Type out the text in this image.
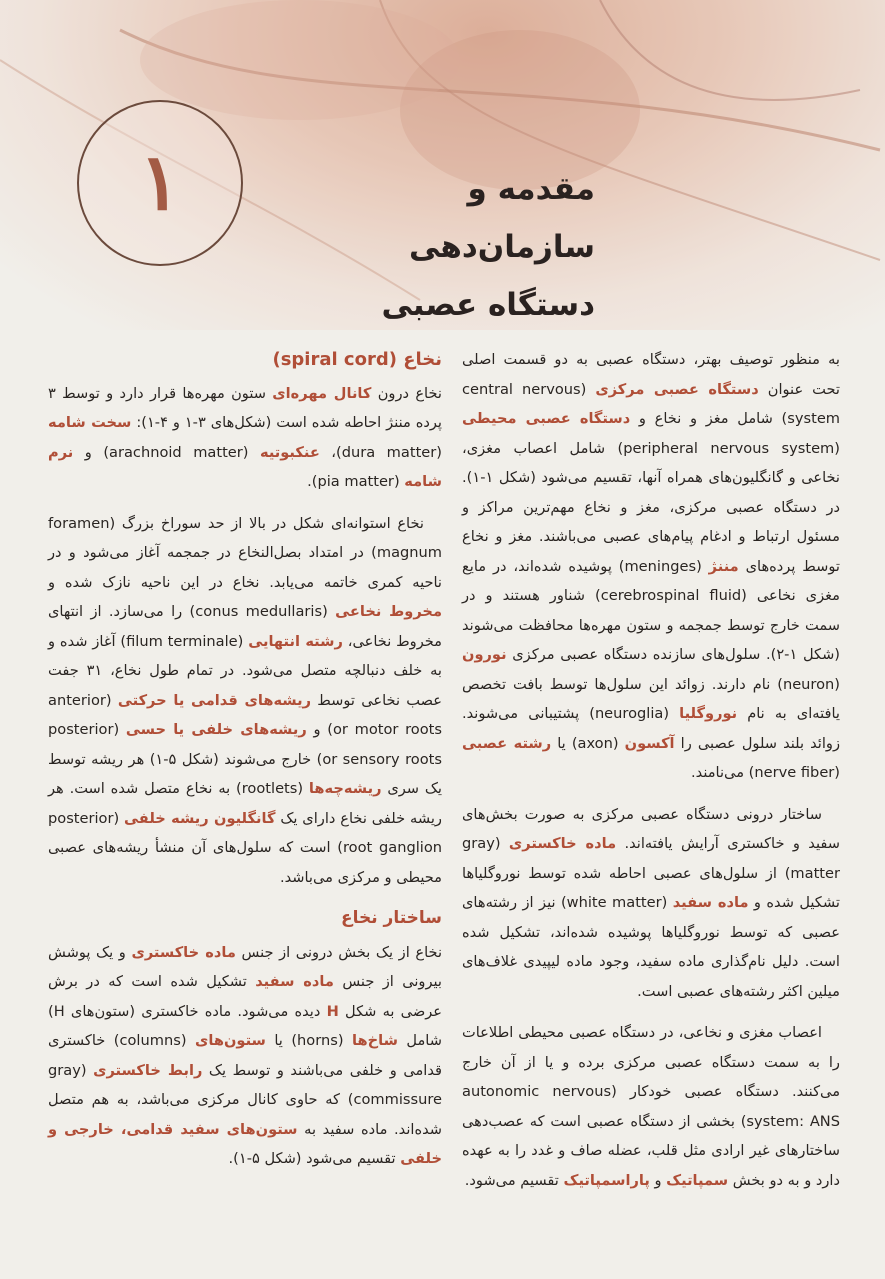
۱	مقدمه و سازمان‌دهی
دستگاه عصبی

به منظور توصیف بهتر، دستگاه عصبی به دو قسمت اصلی تحت عنوان دستگاه عصبی مرکزی (central nervous system) شامل مغز و نخاع و دستگاه عصبی محیطی (peripheral nervous system) شامل اعصاب مغزی، نخاعی و گانگلیون‌های همراه آنها، تقسیم می‌شود (شکل ۱-۱). در دستگاه عصبی مرکزی، مغز و نخاع مهم‌ترین مراکز و مسئول ارتباط و ادغام پیام‌های عصبی می‌باشند. مغز و نخاع توسط پرده‌های مننژ (meninges) پوشیده شده‌اند، در مایع مغزی نخاعی (cerebrospinal fluid) شناور هستند و در سمت خارج توسط جمجمه و ستون مهره‌ها محافظت می‌شوند (شکل ۱-۲). سلول‌های سازنده دستگاه عصبی مرکزی نورون (neuron) نام دارند. زوائد این سلول‌ها توسط بافت تخصص یافته‌ای به نام نوروگلیا (neuroglia) پشتیبانی می‌شوند. زوائد بلند سلول عصبی را آکسون (axon) یا رشته عصبی (nerve fiber) می‌نامند.

ساختار درونی دستگاه عصبی مرکزی به صورت بخش‌های سفید و خاکستری آرایش یافته‌اند. ماده خاکستری (gray matter) از سلول‌های عصبی احاطه شده توسط نوروگلیاها تشکیل شده و ماده سفید (white matter) نیز از رشته‌های عصبی که توسط نوروگلیاها پوشیده شده‌اند، تشکیل شده است. دلیل نام‌گذاری ماده سفید، وجود ماده لیپیدی غلاف‌های میلین اکثر رشته‌های عصبی است.

اعصاب مغزی و نخاعی، در دستگاه عصبی محیطی اطلاعات را به سمت دستگاه عصبی مرکزی برده و یا از آن خارج می‌کنند. دستگاه عصبی خودکار (autonomic nervous system: ANS) بخشی از دستگاه عصبی است که عصب‌دهی ساختارهای غیر ارادی مثل قلب، عضله صاف و غدد را به عهده دارد و به دو بخش سمپاتیک و پاراسمپاتیک تقسیم می‌شود.

نخاع (spiral cord)

نخاع درون کانال مهره‌ای ستون مهره‌ها قرار دارد و توسط ۳ پرده مننژ احاطه شده است (شکل‌های ۳-۱ و ۴-۱): سخت شامه (dura matter)، عنکبوتیه (arachnoid matter) و نرم شامه (pia matter).

نخاع استوانه‌ای شکل در بالا از حد سوراخ بزرگ (foramen magnum) در امتداد بصل‌النخاع در جمجمه آغاز می‌شود و در ناحیه کمری خاتمه می‌یابد. نخاع در این ناحیه نازک شده و مخروط نخاعی (conus medullaris) را می‌سازد. از انتهای مخروط نخاعی، رشته انتهایی (filum terminale) آغاز شده و به خلف دنبالچه متصل می‌شود. در تمام طول نخاع، ۳۱ جفت عصب نخاعی توسط ریشه‌های قدامی یا حرکتی (anterior or motor roots) و ریشه‌های خلفی یا حسی (posterior or sensory roots) خارج می‌شوند (شکل ۵-۱) هر ریشه توسط یک سری ریشه‌چه‌ها (rootlets) به نخاع متصل شده است. هر ریشه خلفی نخاع دارای یک گانگلیون ریشه خلفی (posterior root ganglion) است که سلول‌های آن منشأ ریشه‌های عصبی محیطی و مرکزی می‌باشد.

ساختار نخاع

نخاع از یک بخش درونی از جنس ماده خاکستری و یک پوشش بیرونی از جنس ماده سفید تشکیل شده است که در برش عرضی به شکل H دیده می‌شود. ماده خاکستری (ستون‌های H) شامل شاخ‌ها (horns) یا ستون‌های (columns) خاکستری قدامی و خلفی می‌باشند و توسط یک رابط خاکستری (gray commissure) که حاوی کانال مرکزی می‌باشد، به هم متصل شده‌اند. ماده سفید به ستون‌های سفید قدامی، خارجی و خلفی تقسیم می‌شود (شکل ۵-۱).
